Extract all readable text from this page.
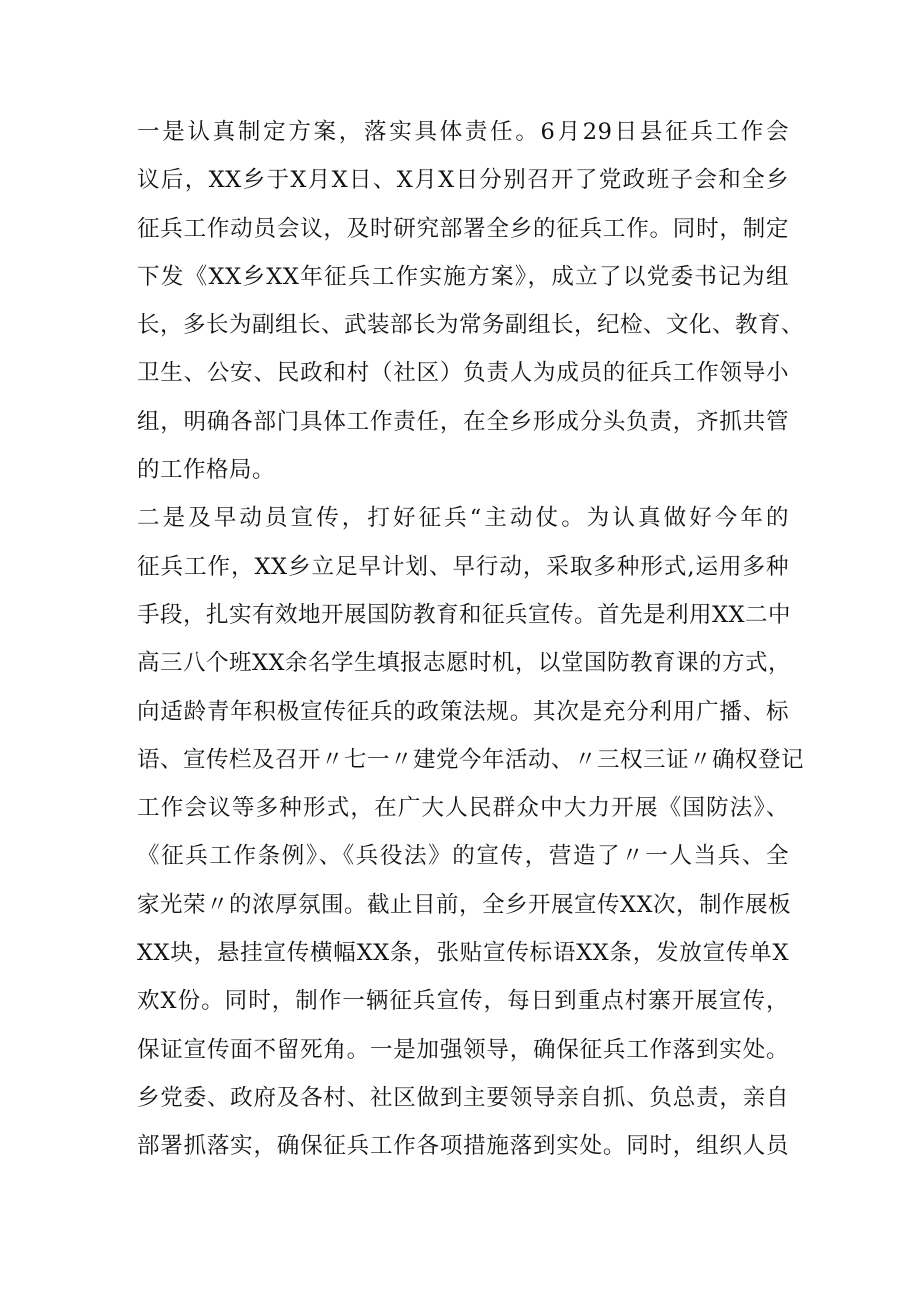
一是认真制定方案，落实具体责任。6月29日县征兵工作会
议后，XX乡于X月X日、X月X日分别召开了党政班子会和全乡
征兵工作动员会议，及时研究部署全乡的征兵工作。同时，制定
下发《XX乡XX年征兵工作实施方案》，成立了以党委书记为组
长，多长为副组长、武装部长为常务副组长，纪检、文化、教育、
卫生、公安、民政和村（社区）负责人为成员的征兵工作领导小
组，明确各部门具体工作责任，在全乡形成分头负责，齐抓共管
的工作格局。
二是及早动员宣传，打好征兵“主动仗。为认真做好今年的
征兵工作，XX乡立足早计划、早行动，采取多种形式,运用多种
手段，扎实有效地开展国防教育和征兵宣传。首先是利用XX二中
高三八个班XX余名学生填报志愿时机，以堂国防教育课的方式，
向适龄青年积极宣传征兵的政策法规。其次是充分利用广播、标
语、宣传栏及召开〃七一〃建党今年活动、〃三权三证〃确权登记
工作会议等多种形式，在广大人民群众中大力开展《国防法》、
《征兵工作条例》、《兵役法》的宣传，营造了〃一人当兵、全
家光荣〃的浓厚氛围。截止目前，全乡开展宣传XX次，制作展板
XX块，悬挂宣传横幅XX条，张贴宣传标语XX条，发放宣传单X
欢X份。同时，制作一辆征兵宣传，每日到重点村寨开展宣传，
保证宣传面不留死角。一是加强领导，确保征兵工作落到实处。
乡党委、政府及各村、社区做到主要领导亲自抓、负总责，亲自
部署抓落实，确保征兵工作各项措施落到实处。同时，组织人员
